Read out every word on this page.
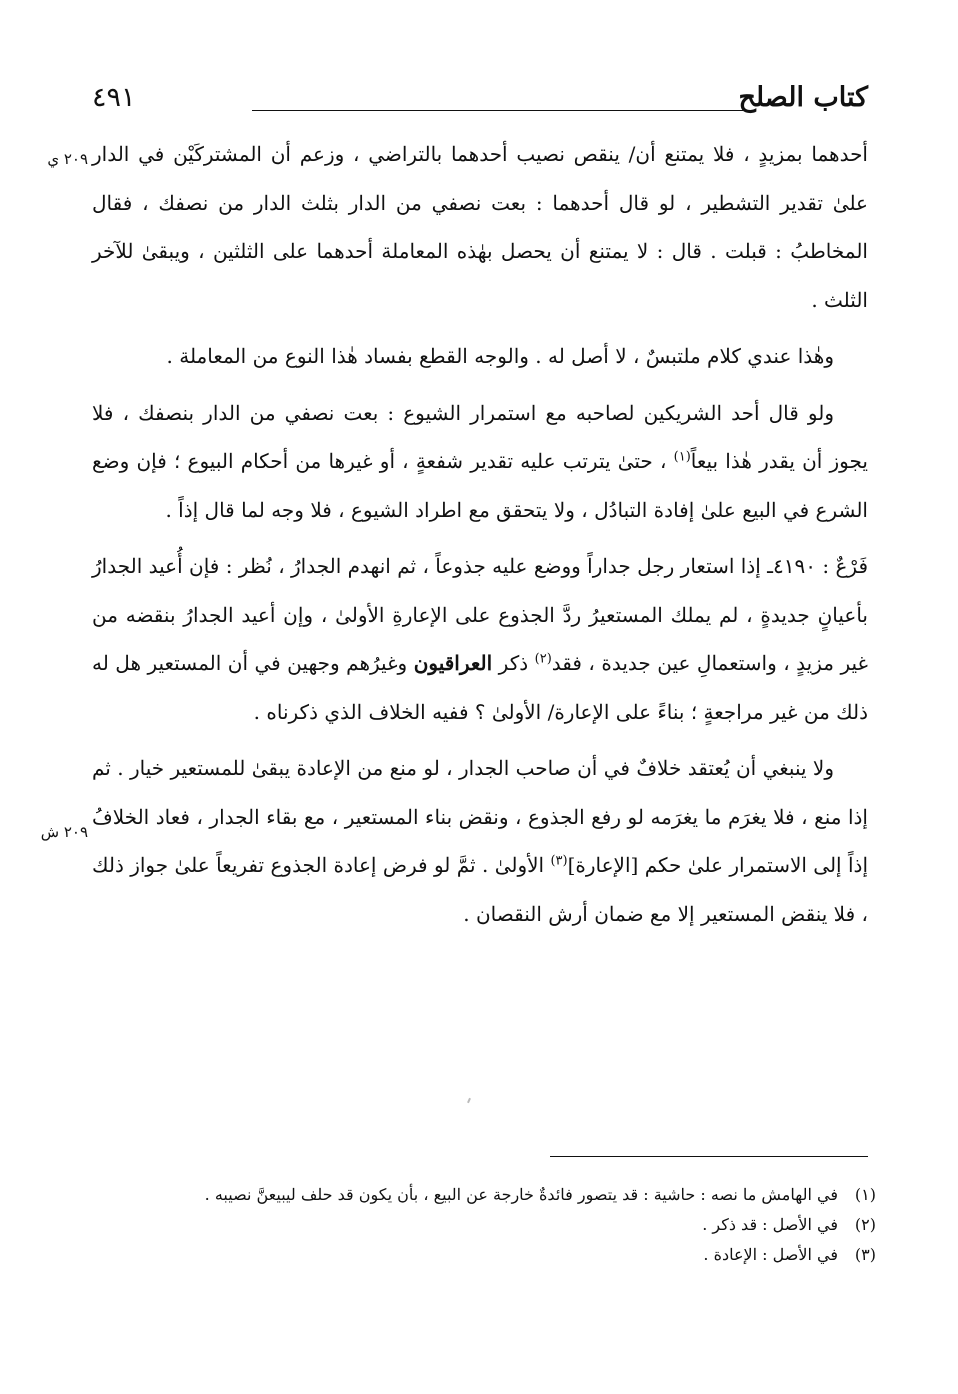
كتاب الصلح
٤٩١
٢٠٩ ي
٢٠٩ ش

أحدهما بمزيدٍ ، فلا يمتنع أن/ ينقص نصيب أحدهما بالتراضي ، وزعم أن المشتركَيْن في الدار علىٰ تقدير التشطير ، لو قال أحدهما : بعت نصفي من الدار بثلث الدار من نصفك ، فقال المخاطبُ : قبلت . قال : لا يمتنع أن يحصل بهٰذه المعاملة أحدهما على الثلثين ، ويبقىٰ للآخر الثلث .

وهٰذا عندي كلام ملتبسٌ ، لا أصل له . والوجه القطع بفساد هٰذا النوع من المعاملة .

ولو قال أحد الشريكين لصاحبه مع استمرار الشيوع : بعت نصفي من الدار بنصفك ، فلا يجوز أن يقدر هٰذا بيعاً$^{(١)}$ ، حتىٰ يترتب عليه تقدير شفعةٍ ، أو غيرها من أحكام البيوع ؛ فإن وضع الشرع في البيع علىٰ إفادة التبادُل ، ولا يتحقق مع اطراد الشيوع ، فلا وجه لما قال إذاً .

فَرْعٌ : ٤١٩٠ـ إذا استعار رجل جداراً ووضع عليه جذوعاً ، ثم انهدم الجدارُ ، نُظر : فإن أُعيد الجدارُ بأعيانٍ جديدةٍ ، لم يملك المستعيرُ ردَّ الجذوع على الإعارةِ الأولىٰ ، وإن أعيد الجدارُ بنقضه من غير مزيدٍ ، واستعمالِ عين جديدة ، فقد$^{(٢)}$ ذكر العراقيون وغيرُهم وجهين في أن المستعير هل له ذلك من غير مراجعةٍ ؛ بناءً على الإعارة/ الأولىٰ ؟ ففيه الخلاف الذي ذكرناه .

ولا ينبغي أن يُعتقد خلافٌ في أن صاحب الجدار ، لو منع من الإعادة يبقىٰ للمستعير خيار . ثم إذا منع ، فلا يغرَم ما يغرَمه لو رفع الجذوع ، ونقض بناء المستعير ، مع بقاء الجدار ، فعاد الخلافُ إذاً إلى الاستمرار علىٰ حكم [الإعارة]$^{(٣)}$ الأولىٰ . ثمَّ لو فرض إعادة الجذوع تفريعاً علىٰ جواز ذلك ، فلا ينقض المستعير إلا مع ضمان أرش النقصان .

(١)
في الهامش ما نصه : حاشية : قد يتصور فائدةٌ خارجة عن البيع ، بأن يكون قد حلف ليبيعنَّ نصيبه .
(٢)
في الأصل : قد ذكر .
(٣)
في الأصل : الإعادة .
